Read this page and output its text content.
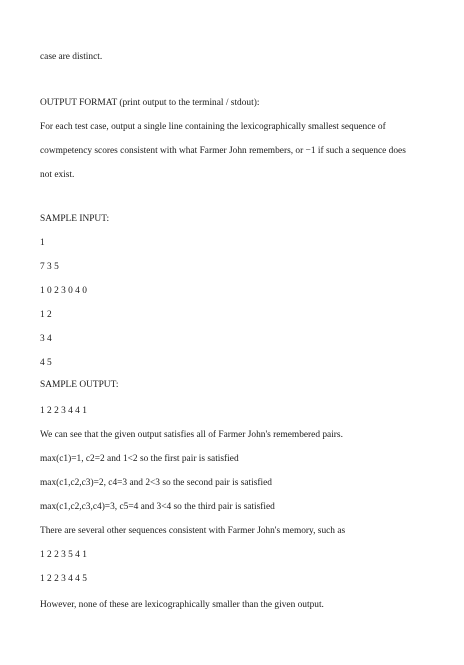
case are distinct.
OUTPUT FORMAT (print output to the terminal / stdout):
For each test case, output a single line containing the lexicographically smallest sequence of
cowmpetency scores consistent with what Farmer John remembers, or −1 if such a sequence does
not exist.
SAMPLE INPUT:
1
7 3 5
1 0 2 3 0 4 0
1 2
3 4
4 5
SAMPLE OUTPUT:
1 2 2 3 4 4 1
We can see that the given output satisfies all of Farmer John's remembered pairs.
max(c1)=1, c2=2 and 1<2 so the first pair is satisfied
max(c1,c2,c3)=2, c4=3 and 2<3 so the second pair is satisfied
max(c1,c2,c3,c4)=3, c5=4 and 3<4 so the third pair is satisfied
There are several other sequences consistent with Farmer John's memory, such as
1 2 2 3 5 4 1
1 2 2 3 4 4 5
However, none of these are lexicographically smaller than the given output.
